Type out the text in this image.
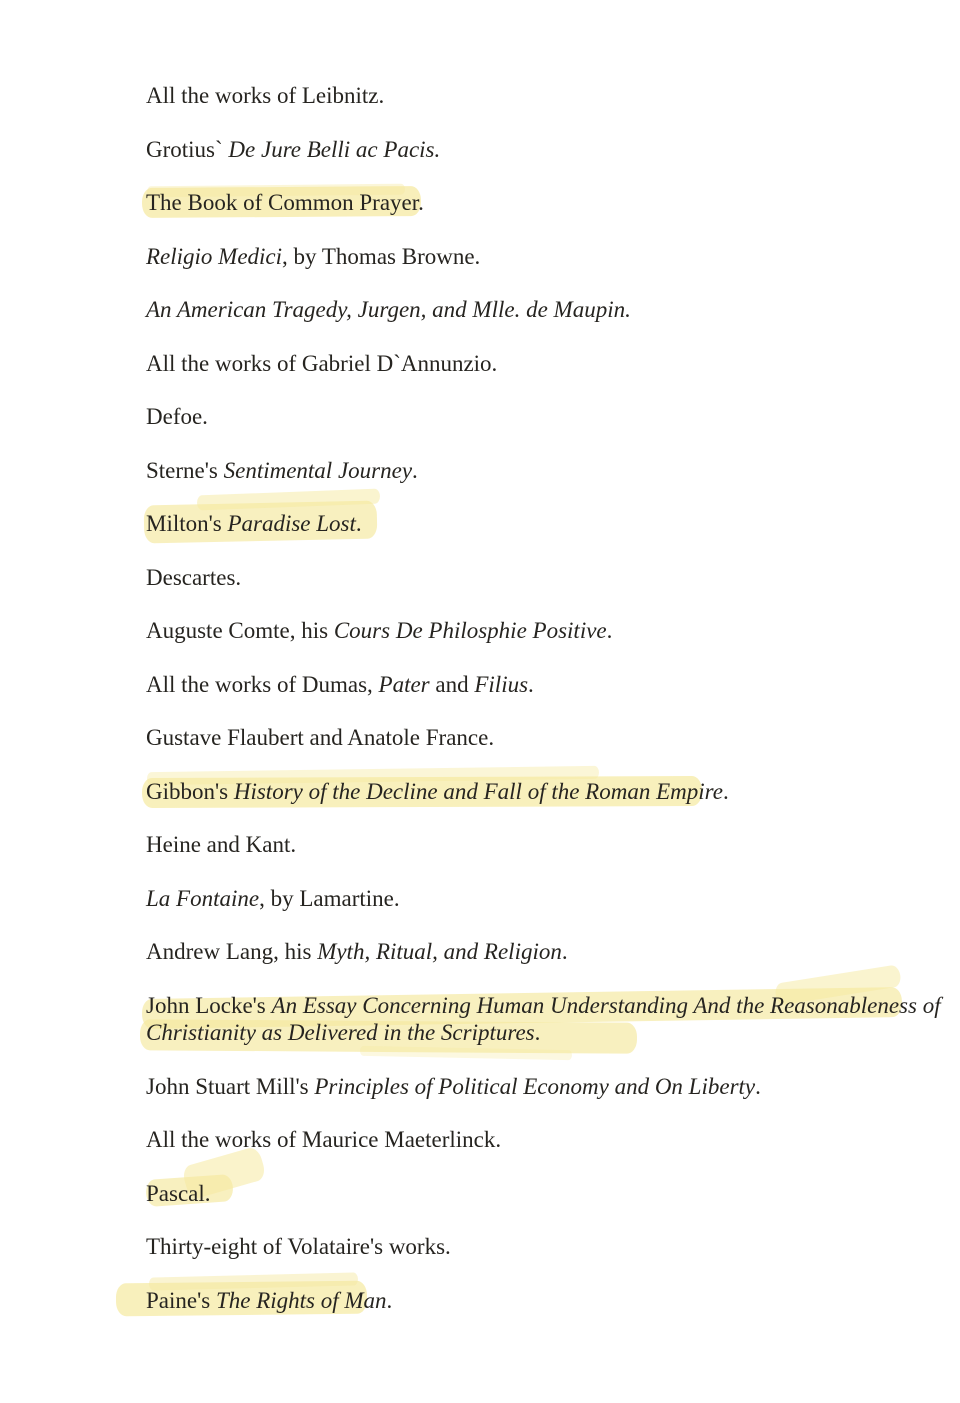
All the works of Leibnitz.
Grotius` De Jure Belli ac Pacis.
The Book of Common Prayer.
Religio Medici, by Thomas Browne.
An American Tragedy, Jurgen, and Mlle. de Maupin.
All the works of Gabriel D`Annunzio.
Defoe.
Sterne's Sentimental Journey.
Milton's Paradise Lost.
Descartes.
Auguste Comte, his Cours De Philosphie Positive.
All the works of Dumas, Pater and Filius.
Gustave Flaubert and Anatole France.
Gibbon's History of the Decline and Fall of the Roman Empire.
Heine and Kant.
La Fontaine, by Lamartine.
Andrew Lang, his Myth, Ritual, and Religion.
John Locke's An Essay Concerning Human Understanding And the Reasonableness of
Christianity as Delivered in the Scriptures.
John Stuart Mill's Principles of Political Economy and On Liberty.
All the works of Maurice Maeterlinck.
Pascal.
Thirty-eight of Volataire's works.
Paine's The Rights of Man.
